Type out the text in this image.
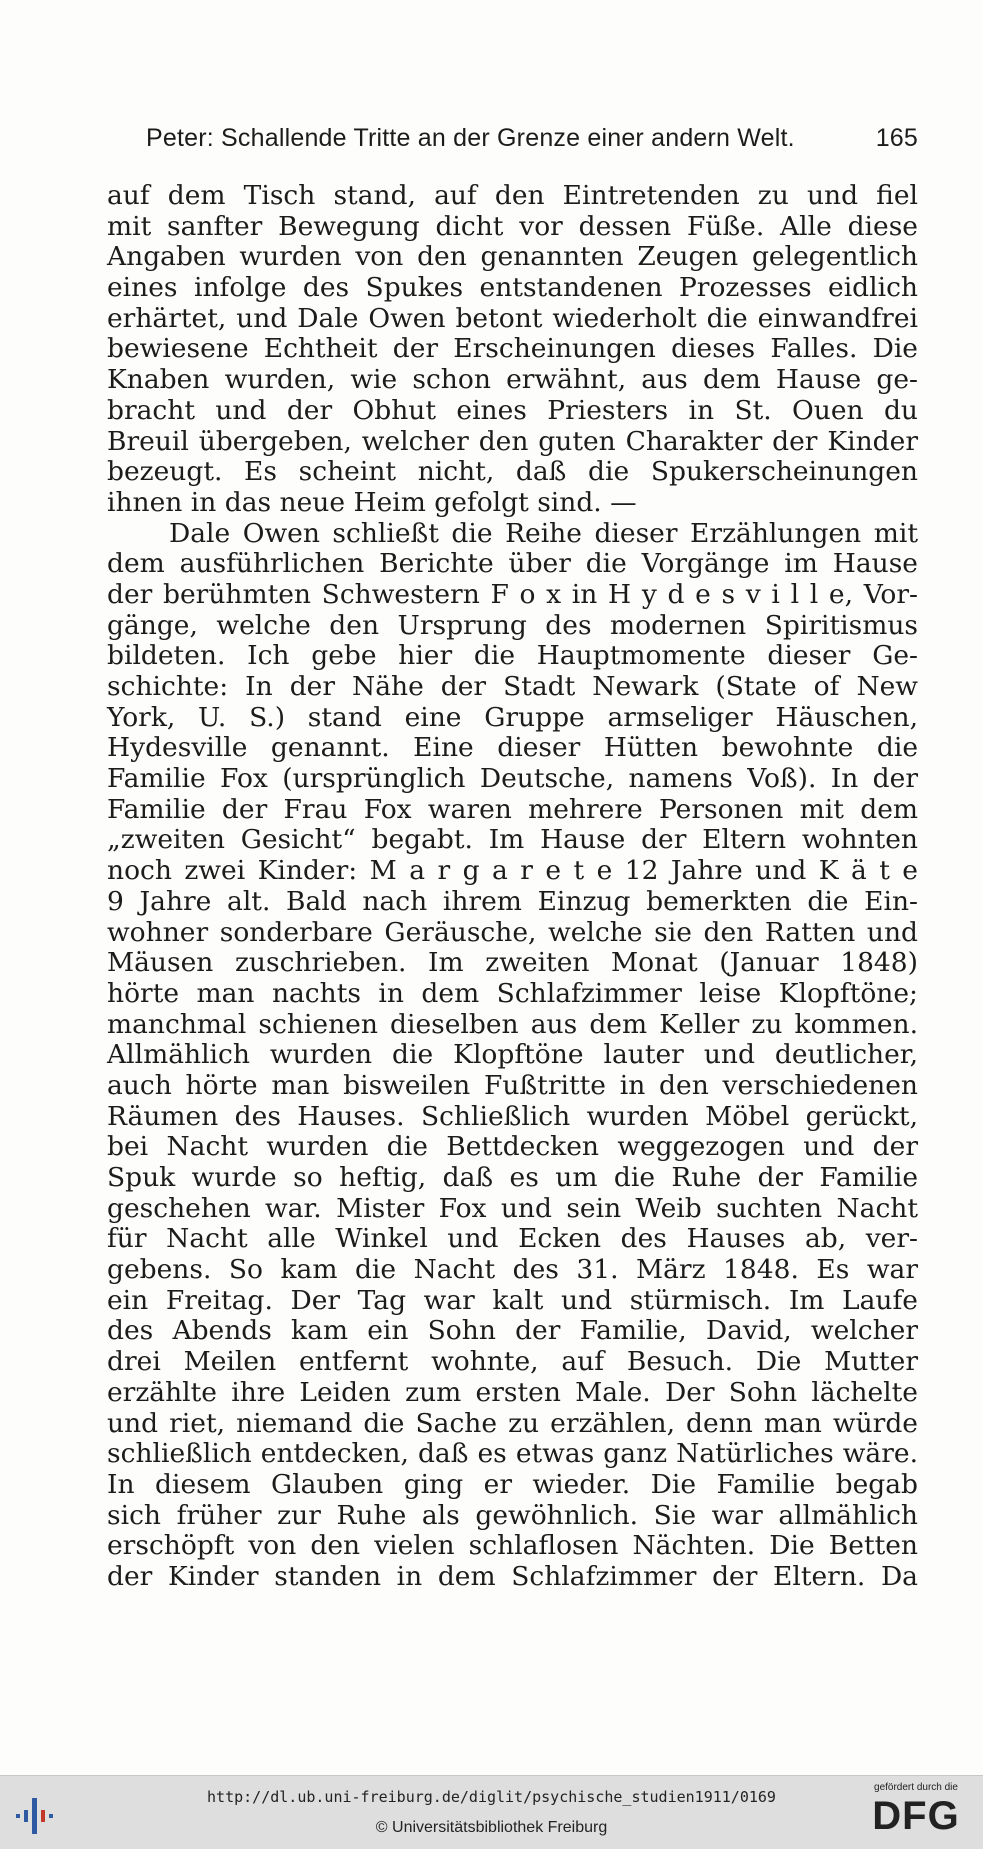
Peter: Schallende Tritte an der Grenze einer andern Welt.	165
auf dem Tisch stand, auf den Eintretenden zu und fiel
mit sanfter Bewegung dicht vor dessen Füße. Alle diese
Angaben wurden von den genannten Zeugen gelegentlich
eines infolge des Spukes entstandenen Prozesses eidlich
erhärtet, und Dale Owen betont wiederholt die einwandfrei
bewiesene Echtheit der Erscheinungen dieses Falles. Die
Knaben wurden, wie schon erwähnt, aus dem Hause ge-
bracht und der Obhut eines Priesters in St. Ouen du
Breuil übergeben, welcher den guten Charakter der Kinder
bezeugt. Es scheint nicht, daß die Spukerscheinungen
ihnen in das neue Heim gefolgt sind. —
Dale Owen schließt die Reihe dieser Erzählungen mit
dem ausführlichen Berichte über die Vorgänge im Hause
der berühmten Schwestern F o x in H y d e s v i l l e, Vor-
gänge, welche den Ursprung des modernen Spiritismus
bildeten. Ich gebe hier die Hauptmomente dieser Ge-
schichte: In der Nähe der Stadt Newark (State of New
York, U. S.) stand eine Gruppe armseliger Häuschen,
Hydesville genannt. Eine dieser Hütten bewohnte die
Familie Fox (ursprünglich Deutsche, namens Voß). In der
Familie der Frau Fox waren mehrere Personen mit dem
„zweiten Gesicht“ begabt. Im Hause der Eltern wohnten
noch zwei Kinder: M a r g a r e t e 12 Jahre und K ä t e
9 Jahre alt. Bald nach ihrem Einzug bemerkten die Ein-
wohner sonderbare Geräusche, welche sie den Ratten und
Mäusen zuschrieben. Im zweiten Monat (Januar 1848)
hörte man nachts in dem Schlafzimmer leise Klopftöne;
manchmal schienen dieselben aus dem Keller zu kommen.
Allmählich wurden die Klopftöne lauter und deutlicher,
auch hörte man bisweilen Fußtritte in den verschiedenen
Räumen des Hauses. Schließlich wurden Möbel gerückt,
bei Nacht wurden die Bettdecken weggezogen und der
Spuk wurde so heftig, daß es um die Ruhe der Familie
geschehen war. Mister Fox und sein Weib suchten Nacht
für Nacht alle Winkel und Ecken des Hauses ab, ver-
gebens. So kam die Nacht des 31. März 1848. Es war
ein Freitag. Der Tag war kalt und stürmisch. Im Laufe
des Abends kam ein Sohn der Familie, David, welcher
drei Meilen entfernt wohnte, auf Besuch. Die Mutter
erzählte ihre Leiden zum ersten Male. Der Sohn lächelte
und riet, niemand die Sache zu erzählen, denn man würde
schließlich entdecken, daß es etwas ganz Natürliches wäre.
In diesem Glauben ging er wieder. Die Familie begab
sich früher zur Ruhe als gewöhnlich. Sie war allmählich
erschöpft von den vielen schlaflosen Nächten. Die Betten
der Kinder standen in dem Schlafzimmer der Eltern. Da
http://dl.ub.uni-freiburg.de/diglit/psychische_studien1911/0169
© Universitätsbibliothek Freiburg
gefördert durch die
DFG
